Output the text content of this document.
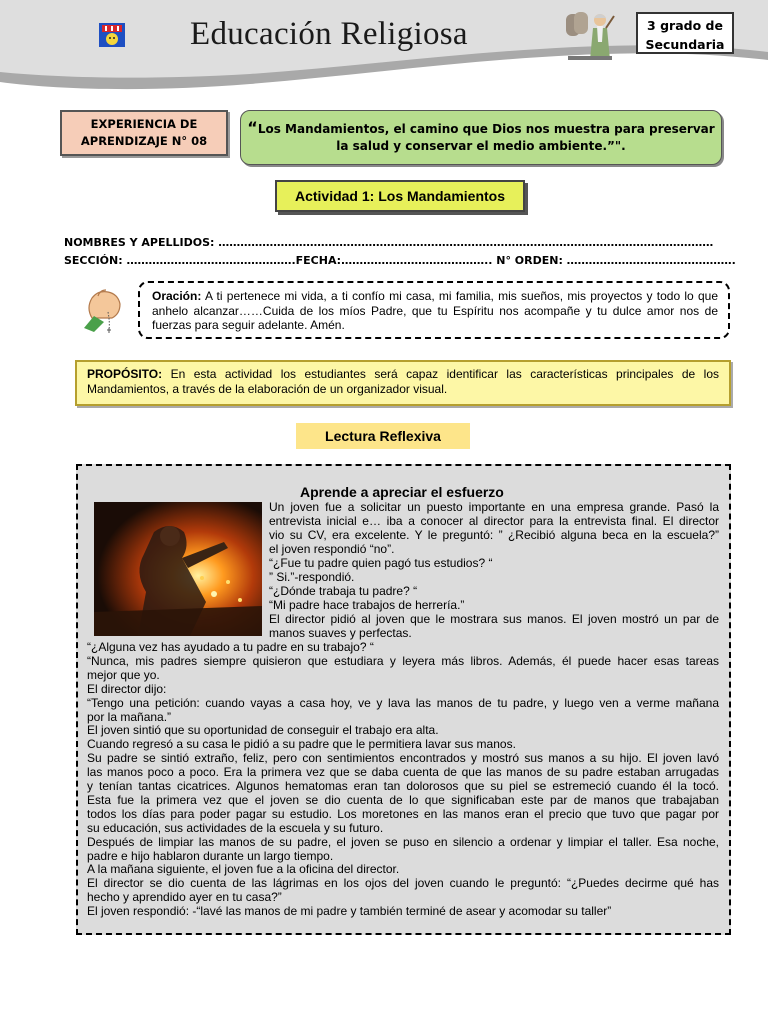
Educación Religiosa	3 grado de
Secundaria
EXPERIENCIA DE
APRENDIZAJE N° 08
“Los Mandamientos, el camino que Dios nos muestra para preservar la salud y conservar el medio ambiente.”".
Actividad 1: Los Mandamientos
NOMBRES Y APELLIDOS: ………………………………………………………………………………………………………………………
SECCIÓN: ……………………………………….FECHA:………………………………….. N° ORDEN: ……………………………………….
Oración: A ti pertenece mi vida, a ti confío mi casa, mi familia, mis sueños, mis proyectos y todo lo que anhelo alcanzar……Cuida de los míos Padre, que tu Espíritu nos acompañe y tu dulce amor nos de fuerzas para seguir adelante. Amén.
PROPÓSITO: En esta actividad los estudiantes será capaz identificar las características principales de los Mandamientos, a través de la elaboración de un organizador visual.
Lectura Reflexiva
Aprende a apreciar el esfuerzo
Un joven fue a solicitar un puesto importante en una empresa grande. Pasó la
entrevista inicial e… iba a conocer al director para la entrevista final. El director
vio su CV, era excelente. Y le preguntó: ” ¿Recibió alguna beca en la escuela?”
el joven respondió “no”.
“¿Fue tu padre quien pagó tus estudios? “
” Si.”-respondió.
“¿Dónde trabaja tu padre? “
“Mi padre hace trabajos de herrería.”
El director pidió al joven que le mostrara sus manos. El joven mostró un par de
manos suaves y perfectas.
“¿Alguna vez has ayudado a tu padre en su trabajo? “
“Nunca, mis padres siempre quisieron que estudiara y leyera más libros. Además, él puede hacer esas tareas
mejor que yo.
El director dijo:
“Tengo una petición: cuando vayas a casa hoy, ve y lava las manos de tu padre, y luego ven a verme mañana
por la mañana.”
El joven sintió que su oportunidad de conseguir el trabajo era alta.
Cuando regresó a su casa le pidió a su padre que le permitiera lavar sus manos.
Su padre se sintió extraño, feliz, pero con sentimientos encontrados y mostró sus manos a su hijo. El joven lavó
las manos poco a poco. Era la primera vez que se daba cuenta de que las manos de su padre estaban arrugadas
y tenían tantas cicatrices. Algunos hematomas eran tan dolorosos que su piel se estremeció cuando él la tocó.
Esta fue la primera vez que el joven se dio cuenta de lo que significaban este par de manos que trabajaban
todos los días para poder pagar su estudio. Los moretones en las manos eran el precio que tuvo que pagar por
su educación, sus actividades de la escuela y su futuro.
Después de limpiar las manos de su padre, el joven se puso en silencio a ordenar y limpiar el taller. Esa noche,
padre e hijo hablaron durante un largo tiempo.
A la mañana siguiente, el joven fue a la oficina del director.
El director se dio cuenta de las lágrimas en los ojos del joven cuando le preguntó: “¿Puedes decirme qué has
hecho y aprendido ayer en tu casa?”
El joven respondió: -“lavé las manos de mi padre y también terminé de asear y acomodar su taller”
